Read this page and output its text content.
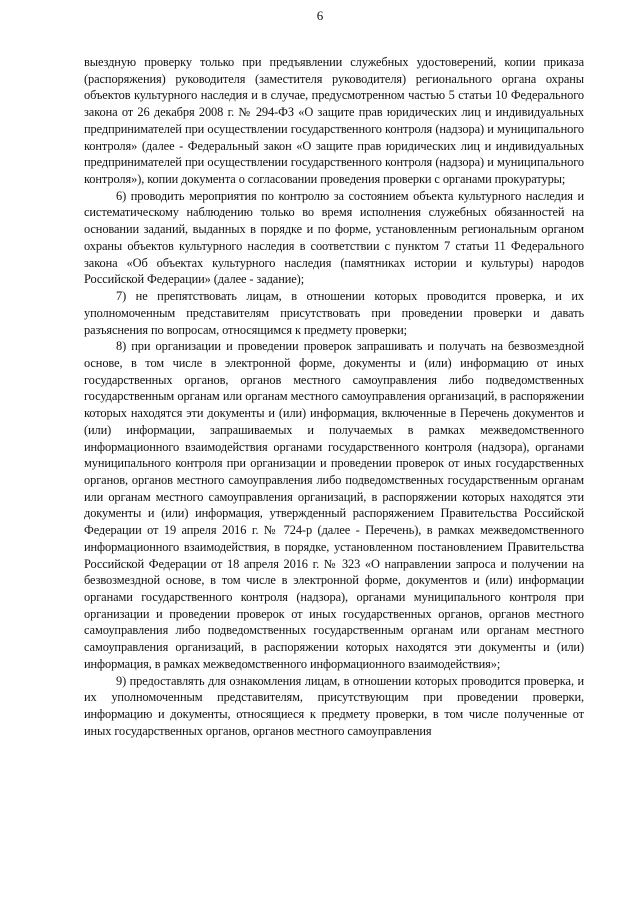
6

выездную проверку только при предъявлении служебных удостоверений, копии приказа (распоряжения) руководителя (заместителя руководителя) регионального органа охраны объектов культурного наследия и в случае, предусмотренном частью 5 статьи 10 Федерального закона от 26 декабря 2008 г. № 294-ФЗ «О защите прав юридических лиц и индивидуальных предпринимателей при осуществлении государственного контроля (надзора) и муниципального контроля» (далее - Федеральный закон «О защите прав юридических лиц и индивидуальных предпринимателей при осуществлении государственного контроля (надзора) и муниципального контроля»), копии документа о согласовании проведения проверки с органами прокуратуры;

6) проводить мероприятия по контролю за состоянием объекта культурного наследия и систематическому наблюдению только во время исполнения служебных обязанностей на основании заданий, выданных в порядке и по форме, установленным региональным органом охраны объектов культурного наследия в соответствии с пунктом 7 статьи 11 Федерального закона «Об объектах культурного наследия (памятниках истории и культуры) народов Российской Федерации» (далее - задание);

7) не препятствовать лицам, в отношении которых проводится проверка, и их уполномоченным представителям присутствовать при проведении проверки и давать разъяснения по вопросам, относящимся к предмету проверки;

8) при организации и проведении проверок запрашивать и получать на безвозмездной основе, в том числе в электронной форме, документы и (или) информацию от иных государственных органов, органов местного самоуправления либо подведомственных государственным органам или органам местного самоуправления организаций, в распоряжении которых находятся эти документы и (или) информация, включенные в Перечень документов и (или) информации, запрашиваемых и получаемых в рамках межведомственного информационного взаимодействия органами государственного контроля (надзора), органами муниципального контроля при организации и проведении проверок от иных государственных органов, органов местного самоуправления либо подведомственных государственным органам или органам местного самоуправления организаций, в распоряжении которых находятся эти документы и (или) информация, утвержденный распоряжением Правительства Российской Федерации от 19 апреля 2016 г. № 724-р (далее - Перечень), в рамках межведомственного информационного взаимодействия, в порядке, установленном постановлением Правительства Российской Федерации от 18 апреля 2016 г. № 323 «О направлении запроса и получении на безвозмездной основе, в том числе в электронной форме, документов и (или) информации органами государственного контроля (надзора), органами муниципального контроля при организации и проведении проверок от иных государственных органов, органов местного самоуправления либо подведомственных государственным органам или органам местного самоуправления организаций, в распоряжении которых находятся эти документы и (или) информация, в рамках межведомственного информационного взаимодействия»;

9) предоставлять для ознакомления лицам, в отношении которых проводится проверка, и их уполномоченным представителям, присутствующим при проведении проверки, информацию и документы, относящиеся к предмету проверки, в том числе полученные от иных государственных органов, органов местного самоуправления
